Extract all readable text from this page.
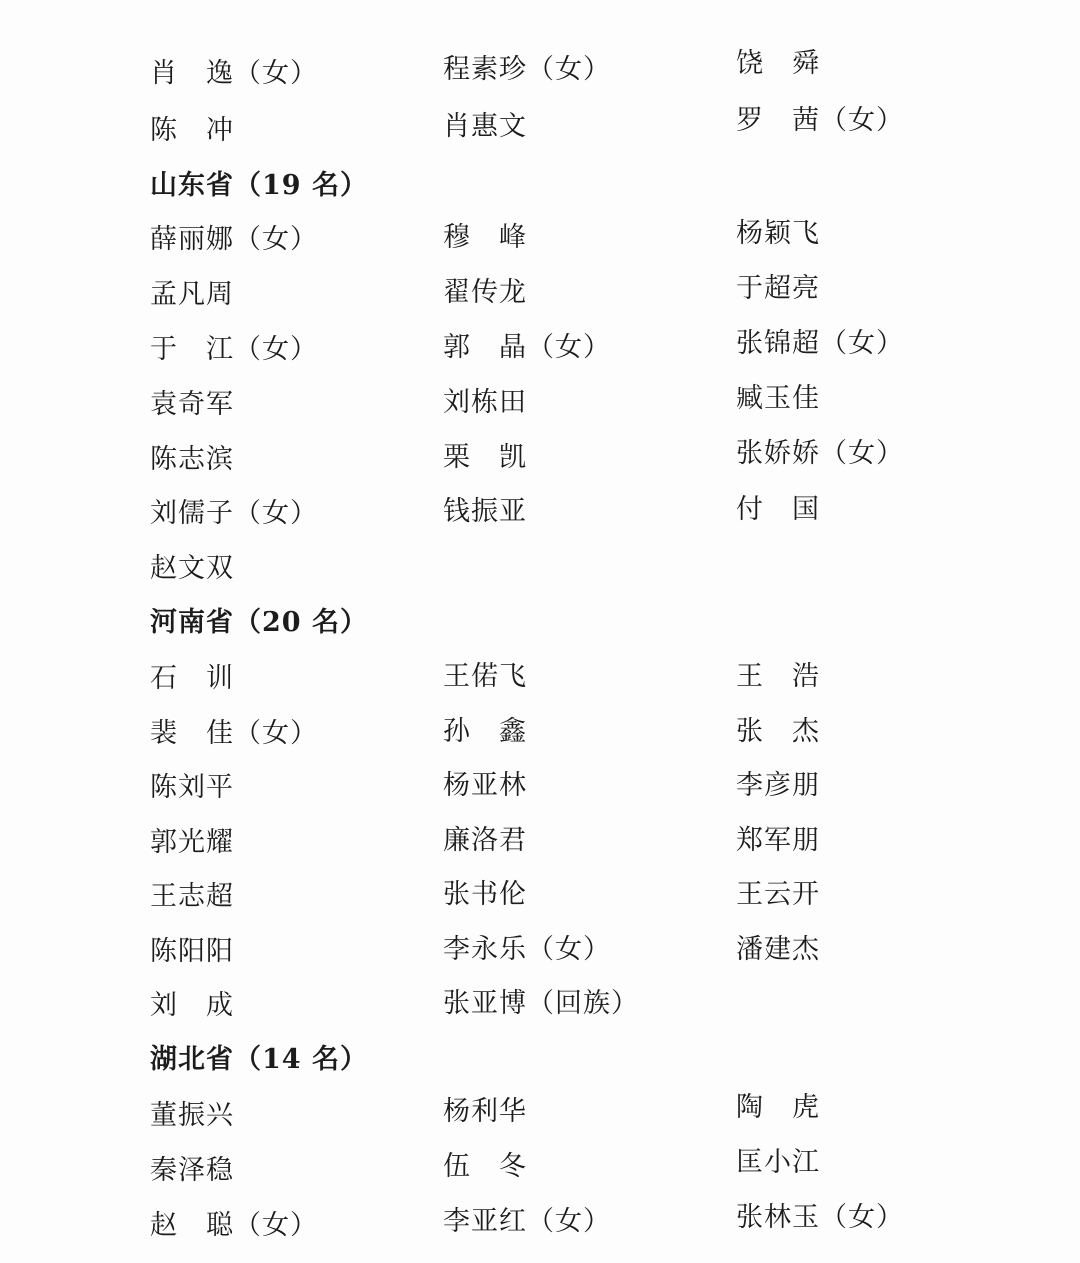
肖　逸（女）	程素珍（女）	饶　舜
陈　冲	肖惠文	罗　茜（女）
山东省（19 名）
薛丽娜（女）	穆　峰	杨颖飞
孟凡周	翟传龙	于超亮
于　江（女）	郭　晶（女）	张锦超（女）
袁奇军	刘栋田	臧玉佳
陈志滨	栗　凯	张娇娇（女）
刘儒子（女）	钱振亚	付　国
赵文双
河南省（20 名）
石　训	王偌飞	王　浩
裴　佳（女）	孙　鑫	张　杰
陈刘平	杨亚林	李彦朋
郭光耀	廉洛君	郑军朋
王志超	张书伦	王云开
陈阳阳	李永乐（女）	潘建杰
刘　成	张亚博（回族）
湖北省（14 名）
董振兴	杨利华	陶　虎
秦泽稳	伍　冬	匡小江
赵　聪（女）	李亚红（女）	张林玉（女）
